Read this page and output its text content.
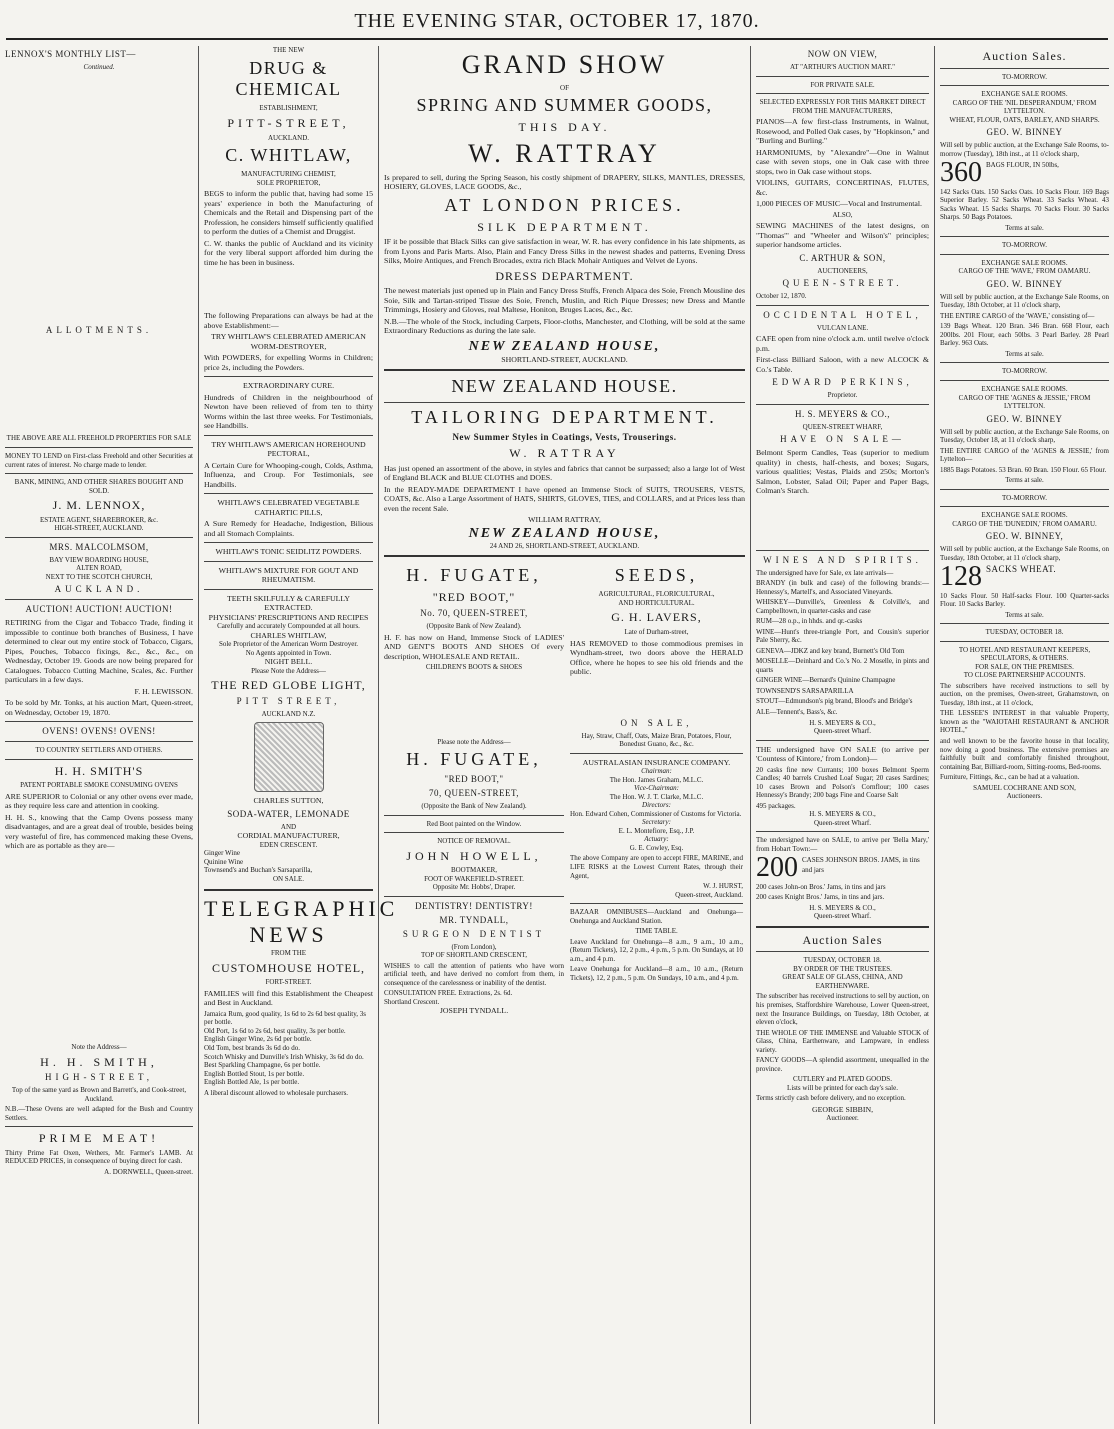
THE EVENING STAR, OCTOBER 17, 1870.
LENNOX'S MONTHLY LIST—
Continued.
ALLOTMENTS.
THE ABOVE ARE ALL FREEHOLD PROPERTIES FOR SALE
MONEY TO LEND on First-class Freehold and other Securities at current rates of interest. No charge made to lender.
BANK, MINING, AND OTHER SHARES BOUGHT AND SOLD.
J. M. LENNOX,
ESTATE AGENT, SHAREBROKER, &c.
HIGH-STREET, AUCKLAND.
MRS. MALCOLMSOM,
BAY VIEW BOARDING HOUSE,
ALTEN ROAD,
NEXT TO THE SCOTCH CHURCH,
AUCKLAND.
AUCTION! AUCTION! AUCTION!
RETIRING from the Cigar and Tobacco Trade, finding it impossible to continue both branches of Business, I have determined to clear out my entire stock of Tobacco, Cigars, Pipes, Pouches, Tobacco fixings, &c., &c., &c., on Wednesday, October 19. Goods are now being prepared for Catalogues. Tobacco Cutting Machine, Scales, &c. Further particulars in a few days.
F. H. LEWISSON.
To be sold by Mr. Tonks, at his auction Mart, Queen-street, on Wednesday, October 19, 1870.
OVENS! OVENS! OVENS!
TO COUNTRY SETTLERS AND OTHERS.
H. H. SMITH'S
PATENT PORTABLE SMOKE CONSUMING OVENS
ARE SUPERIOR to Colonial or any other ovens ever made, as they require less care and attention in cooking.
H. H. S., knowing that the Camp Ovens possess many disadvantages, and are a great deal of trouble, besides being very wasteful of fire, has commenced making these Ovens, which are as portable as they are—
Note the Address—
H. H. SMITH,
HIGH-STREET,
Top of the same yard as Brown and Barrett's, and Cook-street, Auckland.
N.B.—These Ovens are well adapted for the Bush and Country Settlers.
PRIME MEAT!
Thirty Prime Fat Oxen, Wethers, Mr. Farmer's LAMB. At REDUCED PRICES, in consequence of buying direct for cash.
A. DORNWELL, Queen-street.
THE NEW
DRUG & CHEMICAL
ESTABLISHMENT,
PITT-STREET,
AUCKLAND.
C. WHITLAW,
MANUFACTURING CHEMIST,
SOLE PROPRIETOR,
BEGS to inform the public that, having had some 15 years' experience in both the Manufacturing of Chemicals and the Retail and Dispensing part of the Profession, he considers himself sufficiently qualified to perform the duties of a Chemist and Druggist.
C. W. thanks the public of Auckland and its vicinity for the very liberal support afforded him during the time he has been in business.
The following Preparations can always be had at the above Establishment:—
TRY WHITLAW'S CELEBRATED AMERICAN WORM-DESTROYER,
With POWDERS, for expelling Worms in Children; price 2s, including the Powders.
EXTRAORDINARY CURE.
Hundreds of Children in the neighbourhood of Newton have been relieved of from ten to thirty Worms within the last three weeks. For Testimonials, see Handbills.
TRY WHITLAW'S AMERICAN HOREHOUND PECTORAL,
A Certain Cure for Whooping-cough, Colds, Asthma, Influenza, and Croup. For Testimonials, see Handbills.
WHITLAW'S CELEBRATED VEGETABLE CATHARTIC PILLS,
A Sure Remedy for Headache, Indigestion, Bilious and all Stomach Complaints.
WHITLAW'S TONIC SEIDLITZ POWDERS.
WHITLAW'S MIXTURE FOR GOUT AND RHEUMATISM.
TEETH SKILFULLY & CAREFULLY EXTRACTED.
PHYSICIANS' PRESCRIPTIONS AND RECIPES
Carefully and accurately Compounded at all hours.
CHARLES WHITLAW,
Sole Proprietor of the American Worm Destroyer.
No Agents appointed in Town.
NIGHT BELL.
Please Note the Address—
THE RED GLOBE LIGHT,
PITT STREET,
AUCKLAND N.Z.
CHARLES SUTTON,
SODA-WATER, LEMONADE
AND
CORDIAL MANUFACTURER,
EDEN CRESCENT.
Ginger Wine
Quinine Wine
Townsend's and Buchan's Sarsaparilla,
ON SALE.
TELEGRAPHIC
NEWS
FROM THE
CUSTOMHOUSE HOTEL,
FORT-STREET.
FAMILIES will find this Establishment the Cheapest and Best in Auckland.
Jamaica Rum, good quality, 1s 6d to 2s 6d best quality, 3s per bottle.
Old Port, 1s 6d to 2s 6d, best quality, 3s per bottle.
English Ginger Wine, 2s 6d per bottle.
Old Tom, best brands 3s 6d do do.
Scotch Whisky and Dunville's Irish Whisky, 3s 6d do do.
Best Sparkling Champagne, 6s per bottle.
English Bottled Stout, 1s per bottle.
English Bottled Ale, 1s per bottle.
A liberal discount allowed to wholesale purchasers.
GRAND SHOW
OF
SPRING AND SUMMER GOODS,
THIS DAY.
W. RATTRAY
Is prepared to sell, during the Spring Season, his costly shipment of DRAPERY, SILKS, MANTLES, DRESSES, HOSIERY, GLOVES, LACE GOODS, &c.,
AT LONDON PRICES.
SILK DEPARTMENT.
IF it be possible that Black Silks can give satisfaction in wear, W. R. has every confidence in his late shipments, as from Lyons and Paris Marts. Also, Plain and Fancy Dress Silks in the newest shades and patterns, Evening Dress Silks, Moire Antiques, and French Brocades, extra rich Black Mohair Antiques and Velvet de Lyons.
DRESS DEPARTMENT.
The newest materials just opened up in Plain and Fancy Dress Stuffs, French Alpaca des Soie, French Mousline des Soie, Silk and Tartan-striped Tissue des Soie, French, Muslin, and Rich Pique Dresses; new Dress and Mantle Trimmings, Hosiery and Gloves, real Maltese, Honiton, Bruges Laces, &c., &c.
N.B.—The whole of the Stock, including Carpets, Floor-cloths, Manchester, and Clothing, will be sold at the same Extraordinary Reductions as during the late sale.
NEW ZEALAND HOUSE,
SHORTLAND-STREET, AUCKLAND.
NEW ZEALAND HOUSE.
TAILORING DEPARTMENT.
New Summer Styles in Coatings, Vests, Trouserings.
W. RATTRAY
Has just opened an assortment of the above, in styles and fabrics that cannot be surpassed; also a large lot of West of England BLACK and BLUE CLOTHS and DOES.
In the READY-MADE DEPARTMENT I have opened an Immense Stock of SUITS, TROUSERS, VESTS, COATS, &c. Also a Large Assortment of HATS, SHIRTS, GLOVES, TIES, and COLLARS, and at Prices less than even the recent Sale.
WILLIAM RATTRAY,
NEW ZEALAND HOUSE,
24 AND 26, SHORTLAND-STREET, AUCKLAND.
H. FUGATE,
"RED BOOT,"
No. 70, QUEEN-STREET,
(Opposite Bank of New Zealand).
H. F. has now on Hand, Immense Stock of LADIES' AND GENT'S BOOTS AND SHOES Of every description, WHOLESALE AND RETAIL.
CHILDREN'S BOOTS & SHOES
Please note the Address—
H. FUGATE,
"RED BOOT,"
70, QUEEN-STREET,
(Opposite the Bank of New Zealand).
Red Boot painted on the Window.
NOTICE OF REMOVAL.
JOHN HOWELL,
BOOTMAKER,
FOOT OF WAKEFIELD-STREET.
Opposite Mr. Hobbs', Draper.
DENTISTRY! DENTISTRY!
MR. TYNDALL,
SURGEON DENTIST
(From London),
TOP OF SHORTLAND CRESCENT,
WISHES to call the attention of patients who have worn artificial teeth, and have derived no comfort from them, in consequence of the carelessness or inability of the dentist.
CONSULTATION FREE. Extractions, 2s. 6d.
Shortland Crescent.
JOSEPH TYNDALL.
SEEDS,
AGRICULTURAL, FLORICULTURAL,
AND HORTICULTURAL.
G. H. LAVERS,
Late of Durham-street,
HAS REMOVED to those commodious premises in Wyndham-street, two doors above the HERALD Office, where he hopes to see his old friends and the public.
ON SALE,
Hay, Straw, Chaff, Oats, Maize Bran, Potatoes, Flour, Bonedust Guano, &c., &c.
AUSTRALASIAN INSURANCE COMPANY.
Chairman:
The Hon. James Graham, M.L.C.
Vice-Chairman:
The Hon. W. J. T. Clarke, M.L.C.
Directors:
Hon. Edward Cohen, Commissioner of Customs for Victoria.
Secretary:
E. L. Montefiore, Esq., J.P.
Actuary:
G. E. Cowley, Esq.
The above Company are open to accept FIRE, MARINE, and LIFE RISKS at the Lowest Current Rates, through their Agent,
W. J. HURST,
Queen-street, Auckland.
BAZAAR OMNIBUSES—Auckland and Onehunga—Onehunga and Auckland Station.
TIME TABLE.
Leave Auckland for Onehunga—8 a.m., 9 a.m., 10 a.m., (Return Tickets), 12, 2 p.m., 4 p.m., 5 p.m. On Sundays, at 10 a.m., and 4 p.m.
Leave Onehunga for Auckland—8 a.m., 10 a.m., (Return Tickets), 12, 2 p.m., 5 p.m. On Sundays, 10 a.m., and 4 p.m.
NOW ON VIEW,
AT "ARTHUR'S AUCTION MART."
FOR PRIVATE SALE.
SELECTED EXPRESSLY FOR THIS MARKET DIRECT FROM THE MANUFACTURERS,
PIANOS—A few first-class Instruments, in Walnut, Rosewood, and Polled Oak cases, by "Hopkinson," and "Burling and Burling."
HARMONIUMS, by "Alexandre"—One in Walnut case with seven stops, one in Oak case with three stops, two in Oak case without stops.
VIOLINS, GUITARS, CONCERTINAS, FLUTES, &c.
1,000 PIECES OF MUSIC—Vocal and Instrumental.
ALSO,
SEWING MACHINES of the latest designs, on "Thomas'" and "Wheeler and Wilson's" principles; superior handsome articles.
C. ARTHUR & SON,
AUCTIONEERS,
QUEEN-STREET.
October 12, 1870.
OCCIDENTAL HOTEL,
VULCAN LANE.
CAFE open from nine o'clock a.m. until twelve o'clock p.m.
First-class Billiard Saloon, with a new ALCOCK & Co.'s Table.
EDWARD PERKINS,
Proprietor.
H. S. MEYERS & CO.,
QUEEN-STREET WHARF,
HAVE ON SALE—
Belmont Sperm Candles, Teas (superior to medium quality) in chests, half-chests, and boxes; Sugars, various qualities; Vestas, Plaids and 250s; Morton's Salmon, Lobster, Salad Oil; Paper and Paper Bags, Colman's Starch.
WINES AND SPIRITS.
The undersigned have for Sale, ex late arrivals—
BRANDY (in bulk and case) of the following brands:—Hennessy's, Martell's, and Associated Vineyards.
WHISKEY—Dunville's, Greenless & Colville's, and Campbelltown, in quarter-casks and case
RUM—28 o.p., in hhds. and qr.-casks
WINE—Hunt's three-triangle Port, and Cousin's superior Pale Sherry, &c.
GENEVA—JDKZ and key brand, Burnett's Old Tom
MOSELLE—Deinhard and Co.'s No. 2 Moselle, in pints and quarts
GINGER WINE—Bernard's Quinine Champagne
TOWNSEND'S SARSAPARILLA
STOUT—Edmundson's pig brand, Blood's and Bridge's
ALE—Tennent's, Bass's, &c.
H. S. MEYERS & CO.,
Queen-street Wharf.
THE undersigned have ON SALE (to arrive per 'Countess of Kintore,' from London)—
20 casks fine new Currants; 100 boxes Belmont Sperm Candles; 40 barrels Crushed Loaf Sugar; 20 cases Sardines; 10 cases Brown and Polson's Cornflour; 100 cases Hennessy's Brandy; 200 bags Fine and Coarse Salt
495 packages.
H. S. MEYERS & CO.,
Queen-street Wharf.
The undersigned have on SALE, to arrive per 'Bella Mary,' from Hobart Town:—
200 CASES JOHNSON BROS. JAMS, in tins and jars
200 cases John-on Bros.' Jams, in tins and jars
200 cases Knight Bros.' Jams, in tins and jars.
H. S. MEYERS & CO.,
Queen-street Wharf.
Auction Sales
TUESDAY, OCTOBER 18.
BY ORDER OF THE TRUSTEES.
GREAT SALE OF GLASS, CHINA, AND EARTHENWARE.
The subscriber has received instructions to sell by auction, on his premises, Staffordshire Warehouse, Lower Queen-street, next the Insurance Buildings, on Tuesday, 18th October, at eleven o'clock,
THE WHOLE OF THE IMMENSE and Valuable STOCK of Glass, China, Earthenware, and Lampware, in endless variety.
FANCY GOODS—A splendid assortment, unequalled in the province.
CUTLERY and PLATED GOODS.
Lists will be printed for each day's sale.
Terms strictly cash before delivery, and no exception.
GEORGE SIBBIN,
Auctioneer.
Auction Sales.
TO-MORROW.
EXCHANGE SALE ROOMS.
CARGO OF THE 'NIL DESPERANDUM,' FROM LYTTELTON.
WHEAT, FLOUR, OATS, BARLEY, AND SHARPS.
GEO. W. BINNEY
Will sell by public auction, at the Exchange Sale Rooms, to-morrow (Tuesday), 18th inst., at 11 o'clock sharp,
360 BAGS FLOUR, IN 50lbs,
142 Sacks Oats. 150 Sacks Oats. 10 Sacks Flour. 169 Bags Superior Barley. 52 Sacks Wheat. 33 Sacks Wheat. 43 Sacks Wheat. 15 Sacks Sharps. 70 Sacks Flour. 30 Sacks Sharps. 50 Bags Potatoes.
Terms at sale.
TO-MORROW.
EXCHANGE SALE ROOMS.
CARGO OF THE 'WAVE,' FROM OAMARU.
GEO. W. BINNEY
Will sell by public auction, at the Exchange Sale Rooms, on Tuesday, 18th October, at 11 o'clock sharp,
THE ENTIRE CARGO of the 'WAVE,' consisting of—
139 Bags Wheat. 120 Bran. 346 Bran. 668 Flour, each 200lbs. 201 Flour, each 50lbs. 3 Pearl Barley. 28 Pearl Barley. 963 Oats.
Terms at sale.
TO-MORROW.
EXCHANGE SALE ROOMS.
CARGO OF THE 'AGNES & JESSIE,' FROM LYTTELTON.
GEO. W. BINNEY
Will sell by public auction, at the Exchange Sale Rooms, on Tuesday, October 18, at 11 o'clock sharp,
THE ENTIRE CARGO of the 'AGNES & JESSIE,' from Lyttelton—
1885 Bags Potatoes. 53 Bran. 60 Bran. 150 Flour. 65 Flour.
Terms at sale.
TO-MORROW.
EXCHANGE SALE ROOMS.
CARGO OF THE 'DUNEDIN,' FROM OAMARU.
GEO. W. BINNEY,
Will sell by public auction, at the Exchange Sale Rooms, on Tuesday, 18th October, at 11 o'clock sharp,
128 SACKS WHEAT.
10 Sacks Flour. 50 Half-sacks Flour. 100 Quarter-sacks Flour. 10 Sacks Barley.
Terms at sale.
TUESDAY, OCTOBER 18.
TO HOTEL AND RESTAURANT KEEPERS, SPECULATORS, & OTHERS.
FOR SALE, ON THE PREMISES.
TO CLOSE PARTNERSHIP ACCOUNTS.
The subscribers have received instructions to sell by auction, on the premises, Owen-street, Grahamstown, on Tuesday, 18th inst., at 11 o'clock,
THE LESSEE'S INTEREST in that valuable Property, known as the "WAIOTAHI RESTAURANT & ANCHOR HOTEL,"
and well known to be the favorite house in that locality, now doing a good business. The extensive premises are faithfully built and comfortably finished throughout, containing Bar, Billiard-room, Sitting-rooms, Bed-rooms.
Furniture, Fittings, &c., can be had at a valuation.
SAMUEL COCHRANE AND SON,
Auctioneers.
